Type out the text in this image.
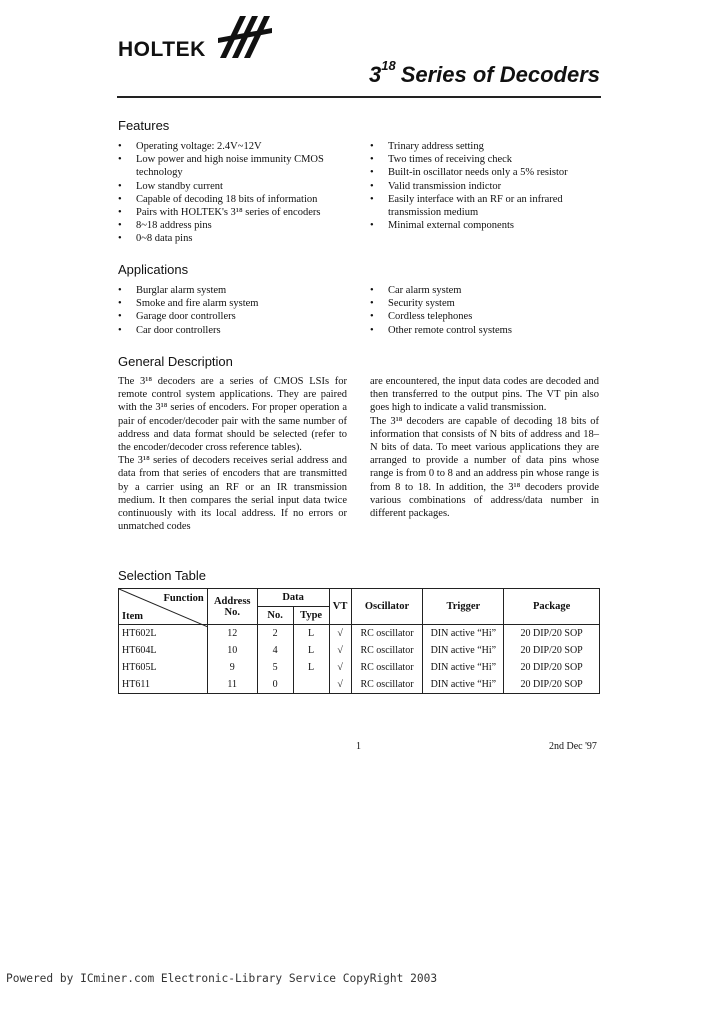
HOLTEK
$3^{18}$ Series of Decoders
Features
• Operating voltage: 2.4V~12V
• Low power and high noise immunity CMOS technology
• Low standby current
• Capable of decoding 18 bits of information
• Pairs with HOLTEK's 3¹⁸ series of encoders
• 8~18 address pins
• 0~8 data pins
• Trinary address setting
• Two times of receiving check
• Built-in oscillator needs only a 5% resistor
• Valid transmission indictor
• Easily interface with an RF or an infrared transmission medium
• Minimal external components
Applications
• Burglar alarm system
• Smoke and fire alarm system
• Garage door controllers
• Car door controllers
• Car alarm system
• Security system
• Cordless telephones
• Other remote control systems
General Description

The 3¹⁸ decoders are a series of CMOS LSIs for remote control system applications. They are paired with the 3¹⁸ series of encoders. For proper operation a pair of encoder/decoder pair with the same number of address and data format should be selected (refer to the encoder/decoder cross reference tables).

The 3¹⁸ series of decoders receives serial address and data from that series of encoders that are transmitted by a carrier using an RF or an IR transmission medium. It then compares the serial input data twice continuously with its local address. If no errors or unmatched codes

are encountered, the input data codes are decoded and then transferred to the output pins. The VT pin also goes high to indicate a valid transmission.

The 3¹⁸ decoders are capable of decoding 18 bits of information that consists of N bits of address and 18–N bits of data. To meet various applications they are arranged to provide a number of data pins whose range is from 0 to 8 and an address pin whose range is from 8 to 18. In addition, the 3¹⁸ decoders provide various combinations of address/data number in different packages.

Selection Table
Function
Item	Address No.	Data		VT	Oscillator	Trigger	Package
		No.	Type				
HT602L	12	2	L	√	RC oscillator	DIN active “Hi”	20 DIP/20 SOP
HT604L	10	4	L	√	RC oscillator	DIN active “Hi”	20 DIP/20 SOP
HT605L	9	5	L	√	RC oscillator	DIN active “Hi”	20 DIP/20 SOP
HT611	11	0		√	RC oscillator	DIN active “Hi”	20 DIP/20 SOP
1	2nd Dec '97
Powered by ICminer.com Electronic-Library Service CopyRight 2003
